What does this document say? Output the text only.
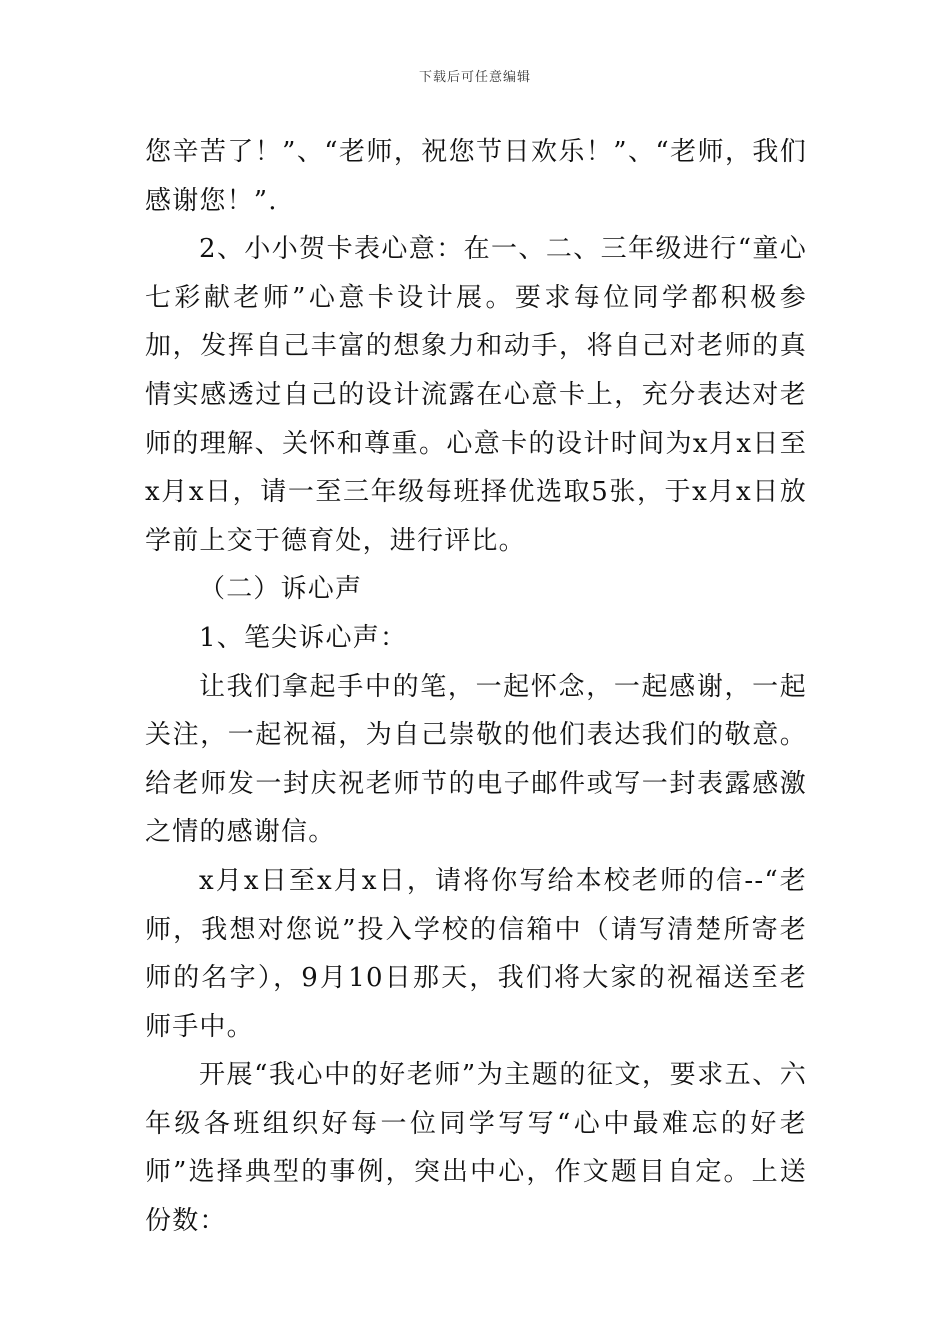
下载后可任意编辑

您辛苦了！”、“老师，祝您节日欢乐！”、“老师，我们感谢您！”.

2、小小贺卡表心意：在一、二、三年级进行“童心七彩献老师”心意卡设计展。要求每位同学都积极参加，发挥自己丰富的想象力和动手，将自己对老师的真情实感透过自己的设计流露在心意卡上，充分表达对老师的理解、关怀和尊重。心意卡的设计时间为x月x日至x月x日，请一至三年级每班择优选取5张，于x月x日放学前上交于德育处，进行评比。

（二）诉心声

1、笔尖诉心声：

让我们拿起手中的笔，一起怀念，一起感谢，一起关注，一起祝福，为自己崇敬的他们表达我们的敬意。给老师发一封庆祝老师节的电子邮件或写一封表露感激之情的感谢信。

x月x日至x月x日，请将你写给本校老师的信--“老师，我想对您说”投入学校的信箱中（请写清楚所寄老师的名字），9月10日那天，我们将大家的祝福送至老师手中。

开展“我心中的好老师”为主题的征文，要求五、六年级各班组织好每一位同学写写“心中最难忘的好老师”选择典型的事例，突出中心，作文题目自定。上送份数：
